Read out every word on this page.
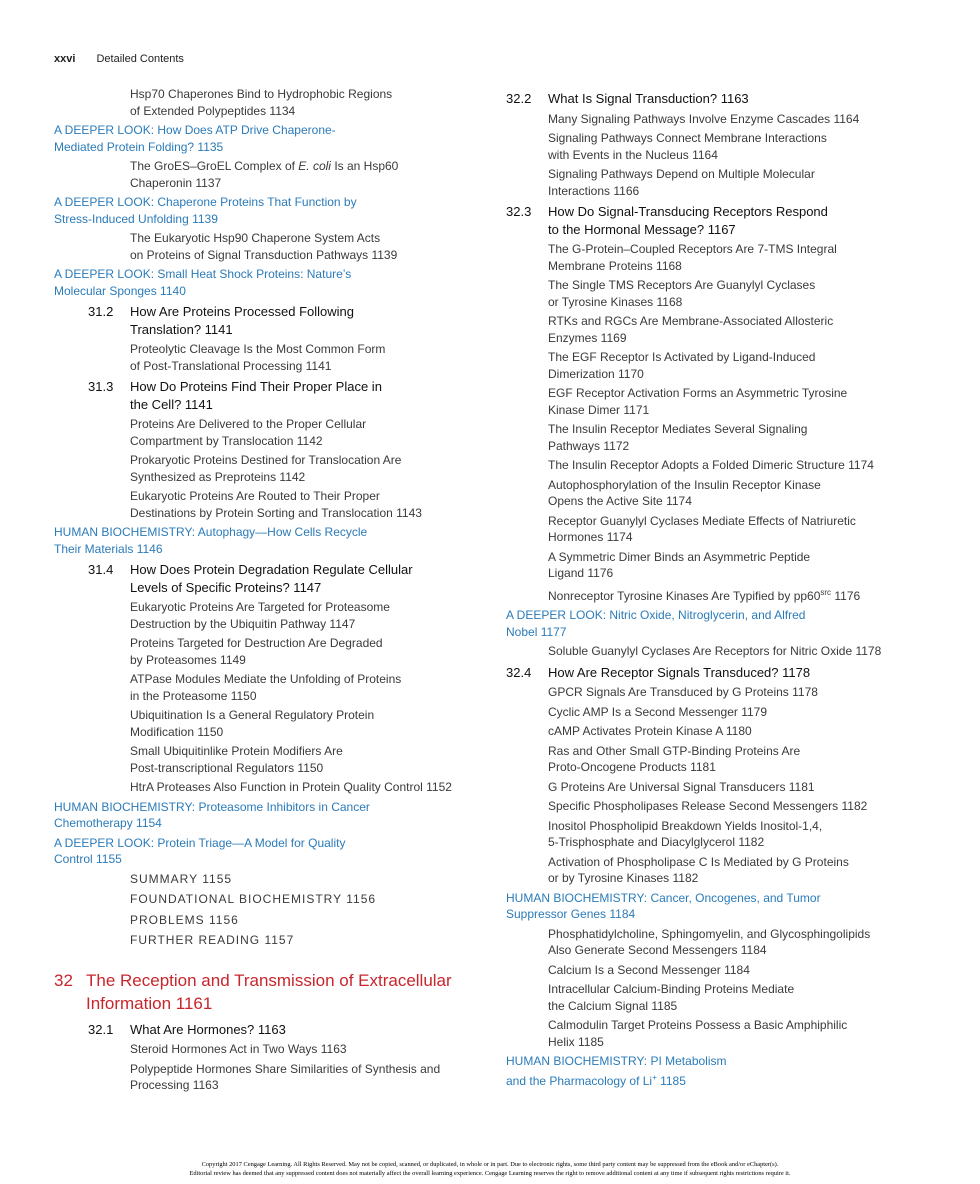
xxvi Detailed Contents
Hsp70 Chaperones Bind to Hydrophobic Regions
of Extended Polypeptides 1134
A DEEPER LOOK: How Does ATP Drive Chaperone-
Mediated Protein Folding? 1135
The GroES–GroEL Complex of E. coli Is an Hsp60
Chaperonin 1137
A DEEPER LOOK: Chaperone Proteins That Function by
Stress-Induced Unfolding 1139
The Eukaryotic Hsp90 Chaperone System Acts
on Proteins of Signal Transduction Pathways 1139
A DEEPER LOOK: Small Heat Shock Proteins: Nature’s
Molecular Sponges 1140
31.2 How Are Proteins Processed Following
Translation? 1141
Proteolytic Cleavage Is the Most Common Form
of Post-Translational Processing 1141
31.3 How Do Proteins Find Their Proper Place in
the Cell? 1141
Proteins Are Delivered to the Proper Cellular
Compartment by Translocation 1142
Prokaryotic Proteins Destined for Translocation Are
Synthesized as Preproteins 1142
Eukaryotic Proteins Are Routed to Their Proper
Destinations by Protein Sorting and Translocation 1143
HUMAN BIOCHEMISTRY: Autophagy—How Cells Recycle
Their Materials 1146
31.4 How Does Protein Degradation Regulate Cellular
Levels of Specific Proteins? 1147
Eukaryotic Proteins Are Targeted for Proteasome
Destruction by the Ubiquitin Pathway 1147
Proteins Targeted for Destruction Are Degraded
by Proteasomes 1149
ATPase Modules Mediate the Unfolding of Proteins
in the Proteasome 1150
Ubiquitination Is a General Regulatory Protein
Modification 1150
Small Ubiquitinlike Protein Modifiers Are
Post-transcriptional Regulators 1150
HtrA Proteases Also Function in Protein Quality Control 1152
HUMAN BIOCHEMISTRY: Proteasome Inhibitors in Cancer
Chemotherapy 1154
A DEEPER LOOK: Protein Triage—A Model for Quality
Control 1155
SUMMARY 1155
FOUNDATIONAL BIOCHEMISTRY 1156
PROBLEMS 1156
FURTHER READING 1157
32 The Reception and Transmission of Extracellular
Information 1161
32.1 What Are Hormones? 1163
Steroid Hormones Act in Two Ways 1163
Polypeptide Hormones Share Similarities of Synthesis and
Processing 1163
32.2 What Is Signal Transduction? 1163
Many Signaling Pathways Involve Enzyme Cascades 1164
Signaling Pathways Connect Membrane Interactions
with Events in the Nucleus 1164
Signaling Pathways Depend on Multiple Molecular
Interactions 1166
32.3 How Do Signal-Transducing Receptors Respond
to the Hormonal Message? 1167
The G-Protein–Coupled Receptors Are 7-TMS Integral
Membrane Proteins 1168
The Single TMS Receptors Are Guanylyl Cyclases
or Tyrosine Kinases 1168
RTKs and RGCs Are Membrane-Associated Allosteric
Enzymes 1169
The EGF Receptor Is Activated by Ligand-Induced
Dimerization 1170
EGF Receptor Activation Forms an Asymmetric Tyrosine
Kinase Dimer 1171
The Insulin Receptor Mediates Several Signaling
Pathways 1172
The Insulin Receptor Adopts a Folded Dimeric Structure 1174
Autophosphorylation of the Insulin Receptor Kinase
Opens the Active Site 1174
Receptor Guanylyl Cyclases Mediate Effects of Natriuretic
Hormones 1174
A Symmetric Dimer Binds an Asymmetric Peptide
Ligand 1176
Nonreceptor Tyrosine Kinases Are Typified by $pp60^{src}$ 1176
A DEEPER LOOK: Nitric Oxide, Nitroglycerin, and Alfred
Nobel 1177
Soluble Guanylyl Cyclases Are Receptors for Nitric Oxide 1178
32.4 How Are Receptor Signals Transduced? 1178
GPCR Signals Are Transduced by G Proteins 1178
Cyclic AMP Is a Second Messenger 1179
cAMP Activates Protein Kinase A 1180
Ras and Other Small GTP-Binding Proteins Are
Proto-Oncogene Products 1181
G Proteins Are Universal Signal Transducers 1181
Specific Phospholipases Release Second Messengers 1182
Inositol Phospholipid Breakdown Yields Inositol-1,4,
5-Trisphosphate and Diacylglycerol 1182
Activation of Phospholipase C Is Mediated by G Proteins
or by Tyrosine Kinases 1182
HUMAN BIOCHEMISTRY: Cancer, Oncogenes, and Tumor
Suppressor Genes 1184
Phosphatidylcholine, Sphingomyelin, and Glycosphingolipids
Also Generate Second Messengers 1184
Calcium Is a Second Messenger 1184
Intracellular Calcium-Binding Proteins Mediate
the Calcium Signal 1185
Calmodulin Target Proteins Possess a Basic Amphiphilic
Helix 1185
HUMAN BIOCHEMISTRY: PI Metabolism
and the Pharmacology of Li+ 1185
Copyright 2017 Cengage Learning. All Rights Reserved. May not be copied, scanned, or duplicated, in whole or in part. Due to electronic rights, some third party content may be suppressed from the eBook and/or eChapter(s).
Editorial review has deemed that any suppressed content does not materially affect the overall learning experience. Cengage Learning reserves the right to remove additional content at any time if subsequent rights restrictions require it.
